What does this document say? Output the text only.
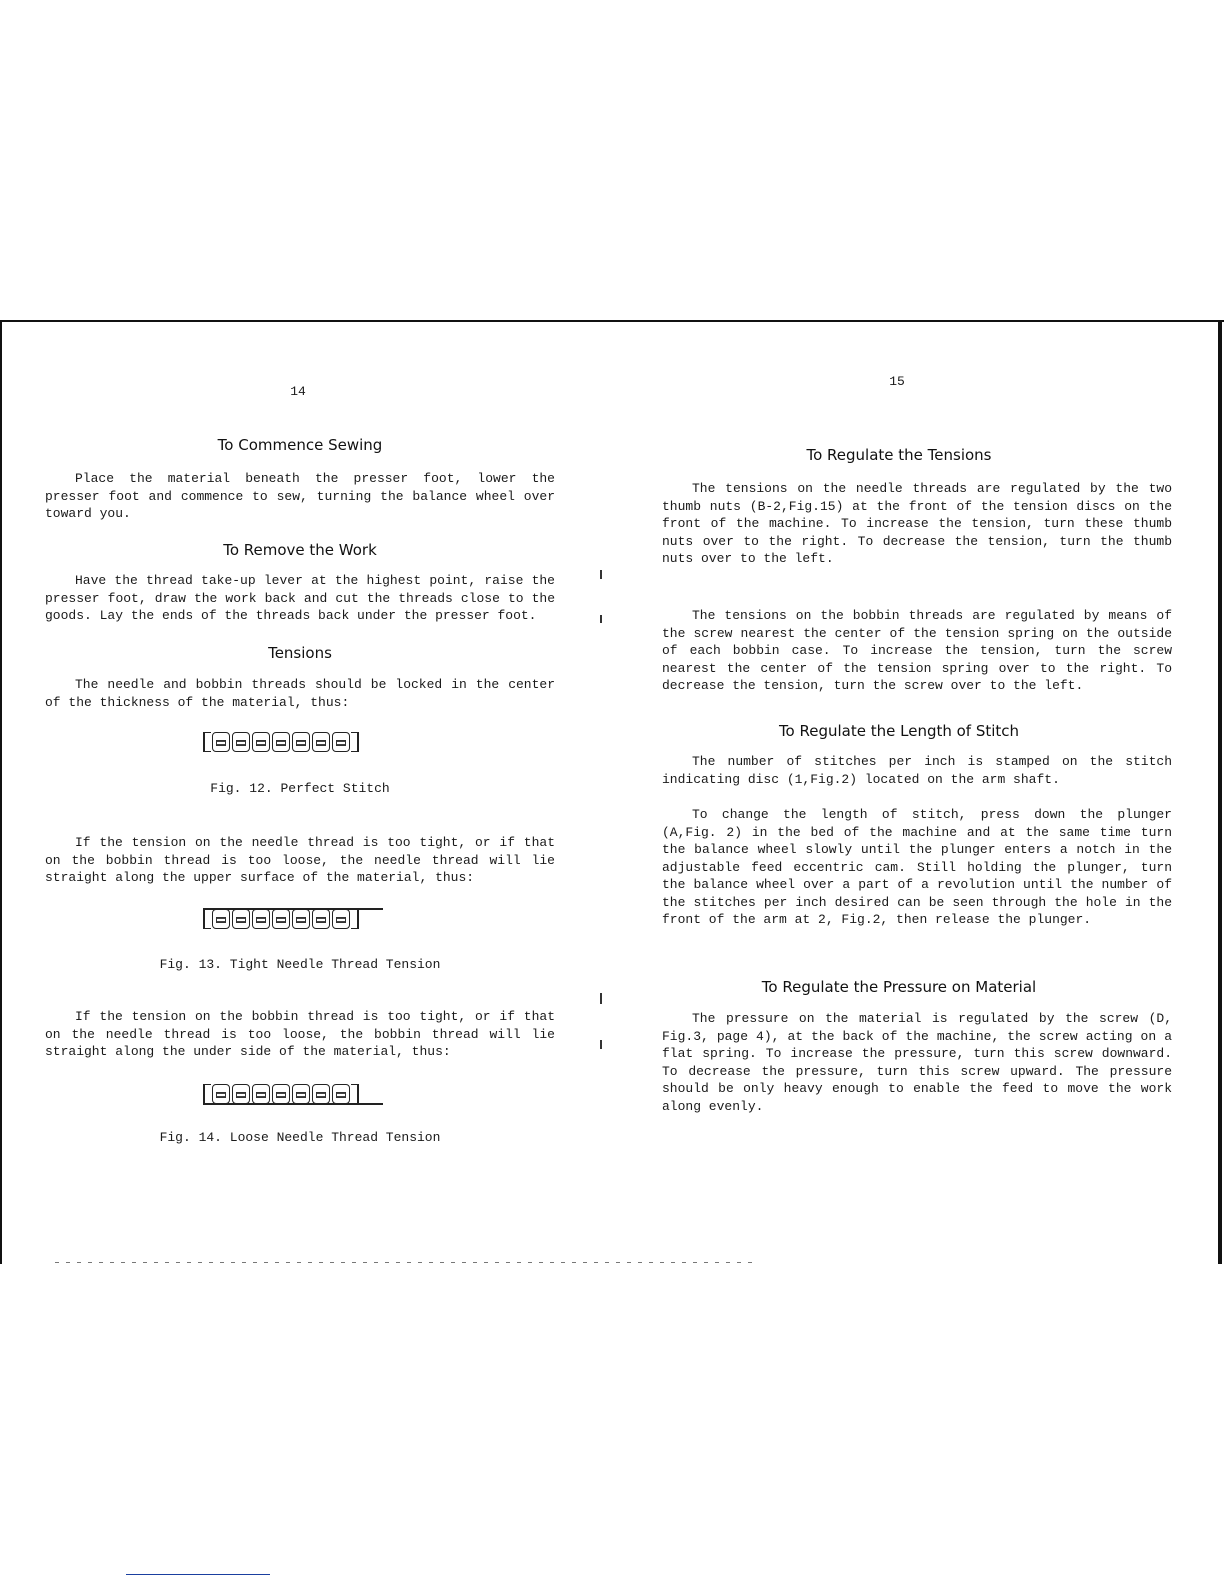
14
To Commence Sewing

Place the material beneath the presser foot, lower the presser foot and commence to sew, turning the balance wheel over toward you.

To Remove the Work

Have the thread take-up lever at the highest point, raise the presser foot, draw the work back and cut the threads close to the goods. Lay the ends of the threads back under the presser foot.

Tensions

The needle and bobbin threads should be locked in the center of the thickness of the material, thus:

Fig. 12. Perfect Stitch

If the tension on the needle thread is too tight, or if that on the bobbin thread is too loose, the needle thread will lie straight along the upper surface of the material, thus:

Fig. 13. Tight Needle Thread Tension

If the tension on the bobbin thread is too tight, or if that on the needle thread is too loose, the bobbin thread will lie straight along the under side of the material, thus:

Fig. 14. Loose Needle Thread Tension
15
To Regulate the Tensions

The tensions on the needle threads are regulated by the two thumb nuts (B-2,Fig.15) at the front of the tension discs on the front of the machine. To increase the tension, turn these thumb nuts over to the right. To decrease the tension, turn the thumb nuts over to the left.

The tensions on the bobbin threads are regulated by means of the screw nearest the center of the tension spring on the outside of each bobbin case. To increase the tension, turn the screw nearest the center of the tension spring over to the right. To decrease the tension, turn the screw over to the left.

To Regulate the Length of Stitch

The number of stitches per inch is stamped on the stitch indicating disc (1,Fig.2) located on the arm shaft.

To change the length of stitch, press down the plunger (A,Fig. 2) in the bed of the machine and at the same time turn the balance wheel slowly until the plunger enters a notch in the adjustable feed eccentric cam. Still holding the plunger, turn the balance wheel over a part of a revolution until the number of the stitches per inch desired can be seen through the hole in the front of the arm at 2, Fig.2, then release the plunger.

To Regulate the Pressure on Material

The pressure on the material is regulated by the screw (D, Fig.3, page 4), at the back of the machine, the screw acting on a flat spring. To increase the pressure, turn this screw downward. To decrease the pressure, turn this screw upward. The pressure should be only heavy enough to enable the feed to move the work along evenly.
